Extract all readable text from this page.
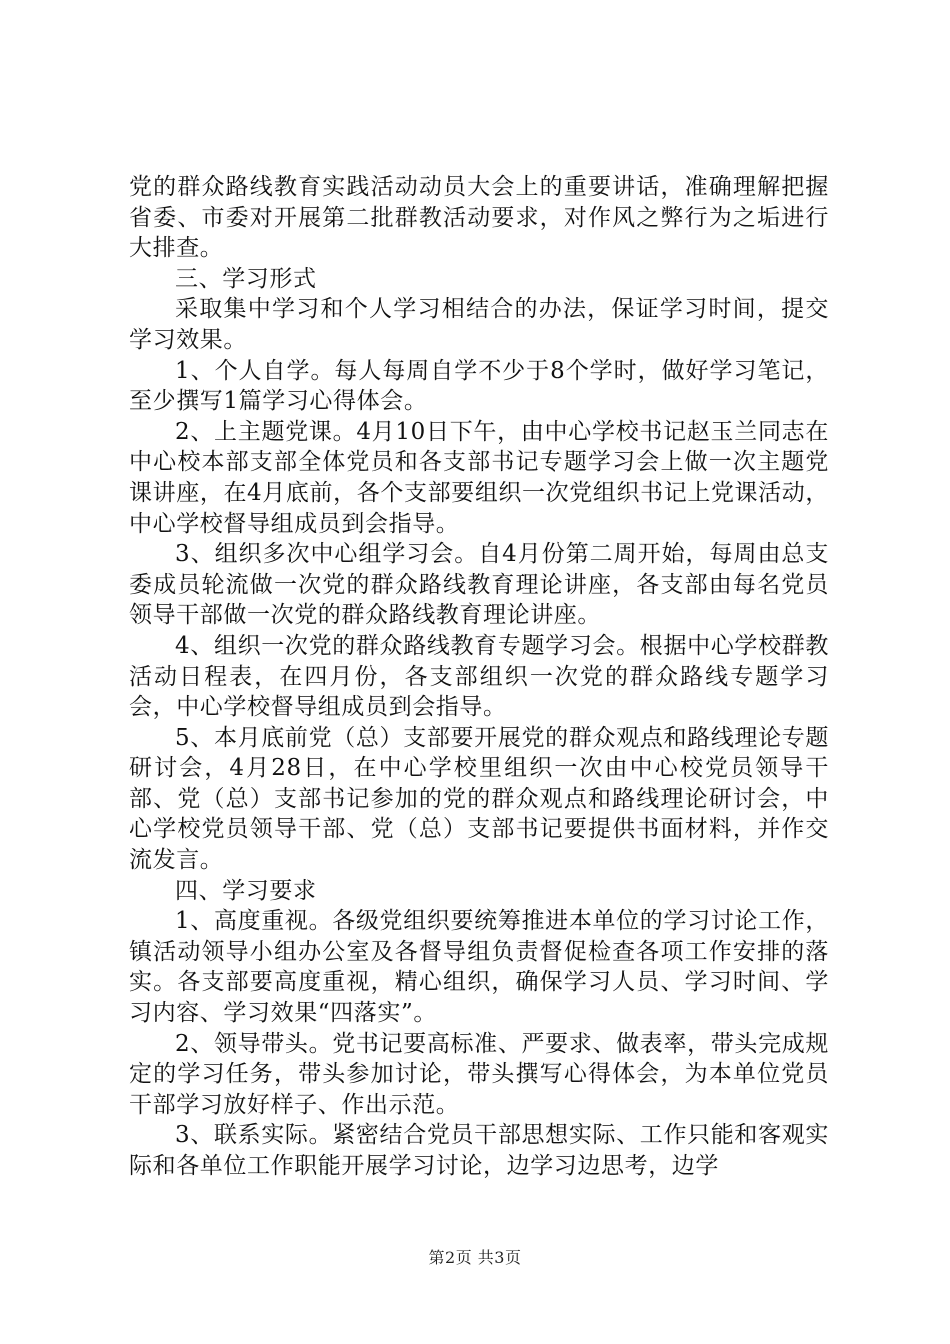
党的群众路线教育实践活动动员大会上的重要讲话，准确理解把握省委、市委对开展第二批群教活动要求，对作风之弊行为之垢进行大排查。

三、学习形式

采取集中学习和个人学习相结合的办法，保证学习时间，提交学习效果。

1、个人自学。每人每周自学不少于8个学时，做好学习笔记，至少撰写1篇学习心得体会。

2、上主题党课。4月10日下午，由中心学校书记赵玉兰同志在中心校本部支部全体党员和各支部书记专题学习会上做一次主题党课讲座，在4月底前，各个支部要组织一次党组织书记上党课活动，中心学校督导组成员到会指导。

3、组织多次中心组学习会。自4月份第二周开始，每周由总支委成员轮流做一次党的群众路线教育理论讲座，各支部由每名党员领导干部做一次党的群众路线教育理论讲座。

4、组织一次党的群众路线教育专题学习会。根据中心学校群教活动日程表，在四月份，各支部组织一次党的群众路线专题学习会，中心学校督导组成员到会指导。

5、本月底前党（总）支部要开展党的群众观点和路线理论专题研讨会，4月28日，在中心学校里组织一次由中心校党员领导干部、党（总）支部书记参加的党的群众观点和路线理论研讨会，中心学校党员领导干部、党（总）支部书记要提供书面材料，并作交流发言。

四、学习要求

1、高度重视。各级党组织要统筹推进本单位的学习讨论工作，镇活动领导小组办公室及各督导组负责督促检查各项工作安排的落实。各支部要高度重视，精心组织，确保学习人员、学习时间、学习内容、学习效果“四落实”。

2、领导带头。党书记要高标准、严要求、做表率，带头完成规定的学习任务，带头参加讨论，带头撰写心得体会，为本单位党员干部学习放好样子、作出示范。

3、联系实际。紧密结合党员干部思想实际、工作只能和客观实际和各单位工作职能开展学习讨论，边学习边思考，边学

第2页 共3页
